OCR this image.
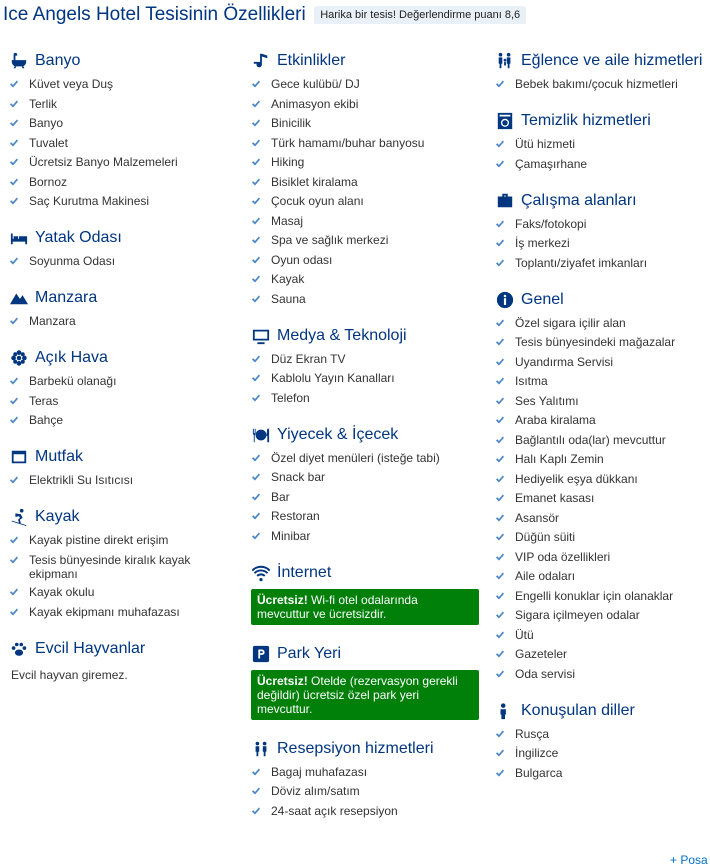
Ice Angels Hotel Tesisinin Özellikleri Harika bir tesis! Değerlendirme puanı 8,6
Banyo
Küvet veya Duş
Terlik
Banyo
Tuvalet
Ücretsiz Banyo Malzemeleri
Bornoz
Saç Kurutma Makinesi
Yatak Odası
Soyunma Odası
Manzara
Manzara
Açık Hava
Barbekü olanağı
Teras
Bahçe
Mutfak
Elektrikli Su Isıtıcısı
Kayak
Kayak pistine direkt erişim
Tesis bünyesinde kiralık kayak ekipmanı
Kayak okulu
Kayak ekipmanı muhafazası
Evcil Hayvanlar
Evcil hayvan giremez.
Etkinlikler
Gece kulübü/ DJ
Animasyon ekibi
Binicilik
Türk hamamı/buhar banyosu
Hiking
Bisiklet kiralama
Çocuk oyun alanı
Masaj
Spa ve sağlık merkezi
Oyun odası
Kayak
Sauna
Medya & Teknoloji
Düz Ekran TV
Kablolu Yayın Kanalları
Telefon
Yiyecek & İçecek
Özel diyet menüleri (isteğe tabi)
Snack bar
Bar
Restoran
Minibar
İnternet
Ücretsiz! Wi-fi otel odalarında mevcuttur ve ücretsizdir.
Park Yeri
Ücretsiz! Otelde (rezervasyon gerekli değildir) ücretsiz özel park yeri mevcuttur.
Resepsiyon hizmetleri
Bagaj muhafazası
Döviz alım/satım
24-saat açık resepsiyon
Eğlence ve aile hizmetleri
Bebek bakımı/çocuk hizmetleri
Temizlik hizmetleri
Ütü hizmeti
Çamaşırhane
Çalışma alanları
Faks/fotokopi
İş merkezi
Toplantı/ziyafet imkanları
Genel
Özel sigara içilir alan
Tesis bünyesindeki mağazalar
Uyandırma Servisi
Isıtma
Ses Yalıtımı
Araba kiralama
Bağlantılı oda(lar) mevcuttur
Halı Kaplı Zemin
Hediyelik eşya dükkanı
Emanet kasası
Asansör
Düğün süiti
VIP oda özellikleri
Aile odaları
Engelli konuklar için olanaklar
Sigara içilmeyen odalar
Ütü
Gazeteler
Oda servisi
Konuşulan diller
Rusça
İngilizce
Bulgarca
+ Posa
